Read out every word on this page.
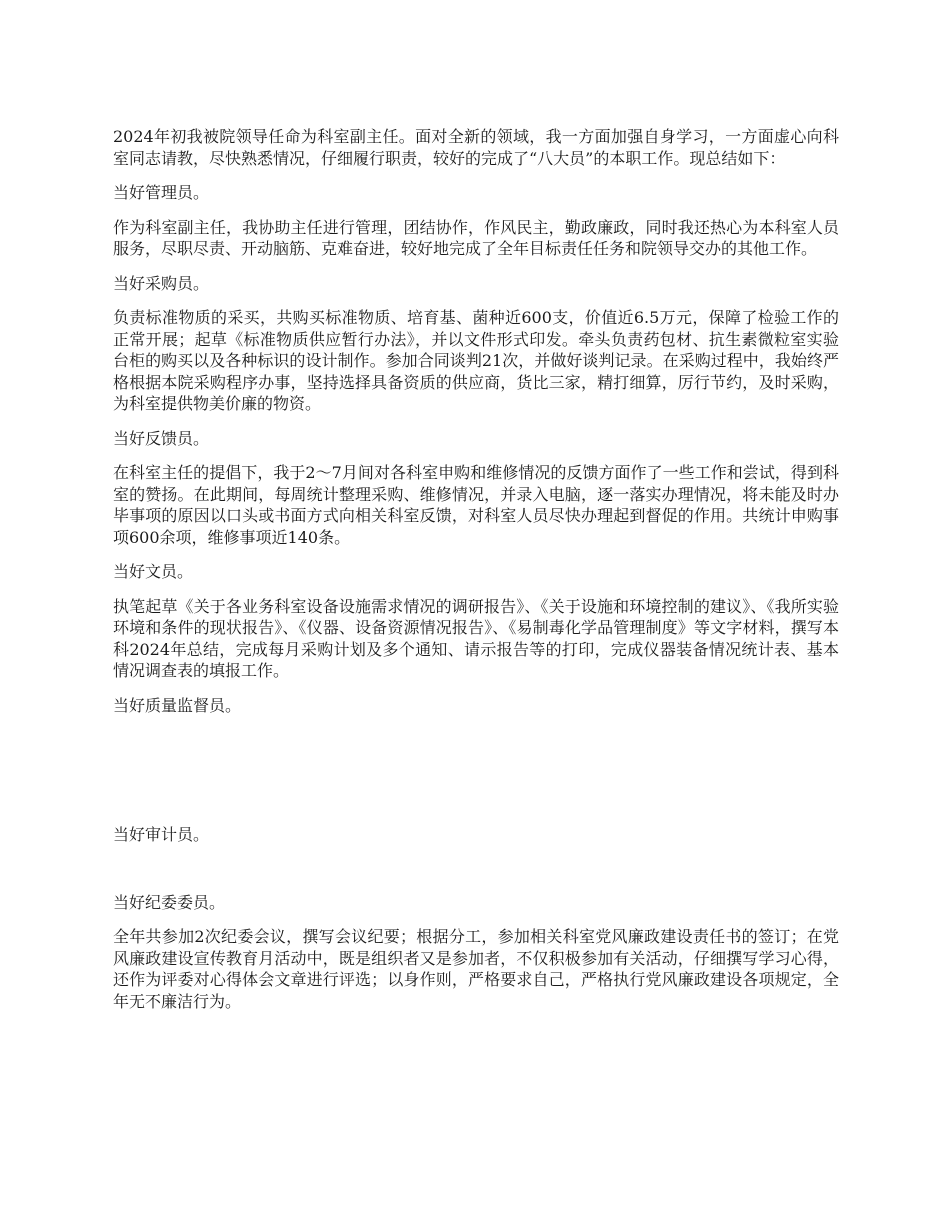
2024年初我被院领导任命为科室副主任。面对全新的领域，我一方面加强自身学习，一方面虚心向科室同志请教，尽快熟悉情况，仔细履行职责，较好的完成了“八大员”的本职工作。现总结如下：

当好管理员。

作为科室副主任，我协助主任进行管理，团结协作，作风民主，勤政廉政，同时我还热心为本科室人员服务，尽职尽责、开动脑筋、克难奋进，较好地完成了全年目标责任任务和院领导交办的其他工作。

当好采购员。

负责标准物质的采买，共购买标准物质、培育基、菌种近600支，价值近6.5万元，保障了检验工作的正常开展；起草《标准物质供应暂行办法》，并以文件形式印发。牵头负责药包材、抗生素微粒室实验台柜的购买以及各种标识的设计制作。参加合同谈判21次，并做好谈判记录。在采购过程中，我始终严格根据本院采购程序办事，坚持选择具备资质的供应商，货比三家，精打细算，厉行节约，及时采购，为科室提供物美价廉的物资。

当好反馈员。

在科室主任的提倡下，我于2～7月间对各科室申购和维修情况的反馈方面作了一些工作和尝试，得到科室的赞扬。在此期间，每周统计整理采购、维修情况，并录入电脑，逐一落实办理情况，将未能及时办毕事项的原因以口头或书面方式向相关科室反馈，对科室人员尽快办理起到督促的作用。共统计申购事项600余项，维修事项近140条。

当好文员。

执笔起草《关于各业务科室设备设施需求情况的调研报告》、《关于设施和环境控制的建议》、《我所实验环境和条件的现状报告》、《仪器、设备资源情况报告》、《易制毒化学品管理制度》等文字材料，撰写本科2024年总结，完成每月采购计划及多个通知、请示报告等的打印，完成仪器装备情况统计表、基本情况调查表的填报工作。

当好质量监督员。

当好审计员。

当好纪委委员。

全年共参加2次纪委会议，撰写会议纪要；根据分工，参加相关科室党风廉政建设责任书的签订；在党风廉政建设宣传教育月活动中，既是组织者又是参加者，不仅积极参加有关活动，仔细撰写学习心得，还作为评委对心得体会文章进行评选；以身作则，严格要求自己，严格执行党风廉政建设各项规定，全年无不廉洁行为。
